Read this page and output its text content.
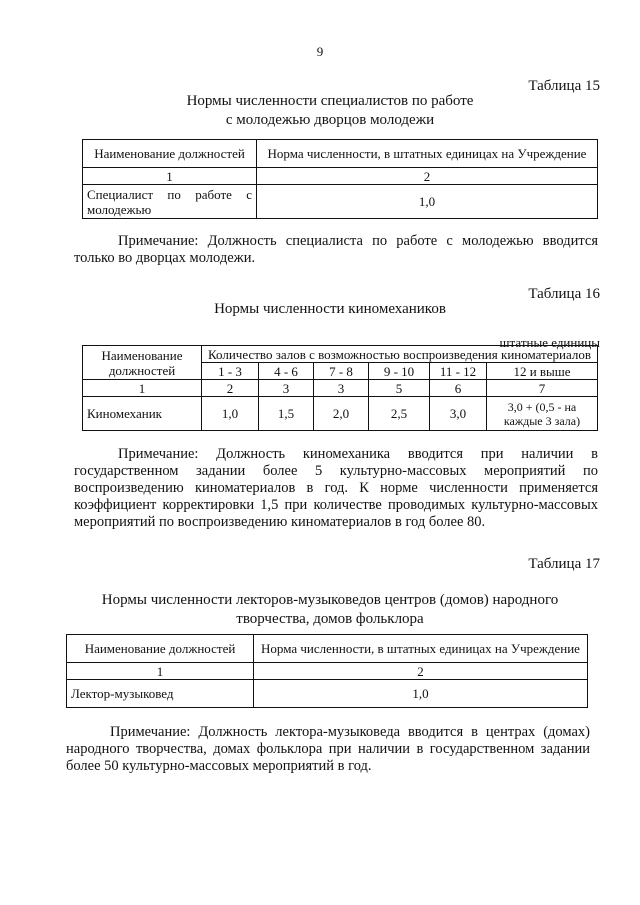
9
Таблица 15
Нормы численности специалистов по работе
с молодежью дворцов молодежи
Наименование должностей	Норма численности, в штатных единицах на Учреждение
1	2
Специалист по работе с молодежью	1,0
Примечание: Должность специалиста по работе с молодежью вводится только во дворцах молодежи.
Таблица 16
Нормы численности киномехаников
штатные единицы
Наименование должностей	Количество залов с возможностью воспроизведения киноматериалов					
	1 - 3	4 - 6	7 - 8	9 - 10	11 - 12	12 и выше
1	2	3	3	5	6	7
Киномеханик	1,0	1,5	2,0	2,5	3,0	3,0 + (0,5 - на каждые 3 зала)
Примечание: Должность киномеханика вводится при наличии в государственном задании более 5 культурно-массовых мероприятий по воспроизведению киноматериалов в год. К норме численности применяется коэффициент корректировки 1,5 при количестве проводимых культурно-массовых мероприятий по воспроизведению киноматериалов в год более 80.
Таблица 17
Нормы численности лекторов-музыковедов центров (домов) народного
творчества, домов фольклора
Наименование должностей	Норма численности, в штатных единицах на Учреждение
1	2
Лектор-музыковед	1,0
Примечание: Должность лектора-музыковеда вводится в центрах (домах) народного творчества, домах фольклора при наличии в государственном задании более 50 культурно-массовых мероприятий в год.
